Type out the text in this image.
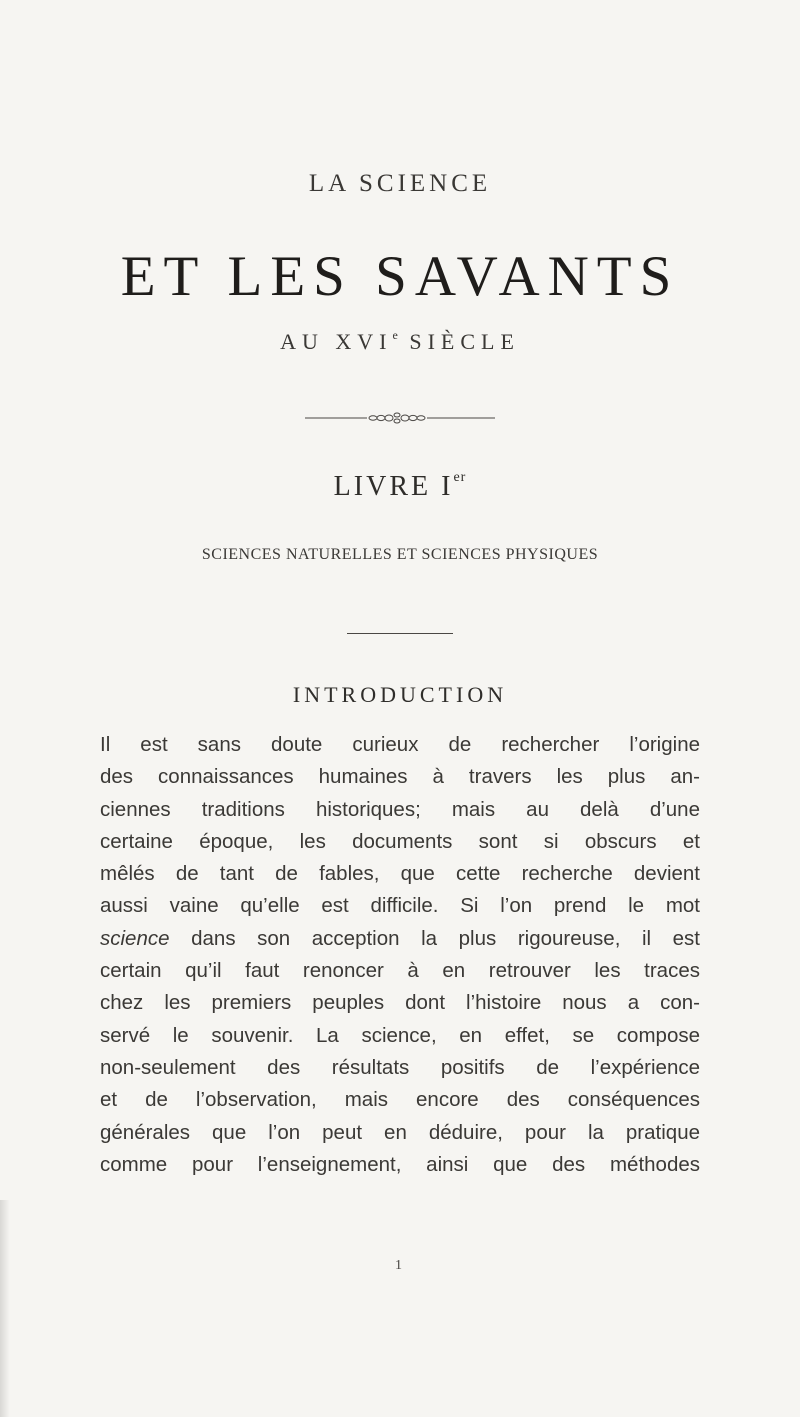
LA SCIENCE
ET LES SAVANTS
AU XVIe SIÈCLE
LIVRE Ier
SCIENCES NATURELLES ET SCIENCES PHYSIQUES
INTRODUCTION
Il est sans doute curieux de rechercher l’origine
des connaissances humaines à travers les plus an-
ciennes traditions historiques; mais au delà d’une
certaine époque, les documents sont si obscurs et
mêlés de tant de fables, que cette recherche devient
aussi vaine qu’elle est difficile. Si l’on prend le mot
science dans son acception la plus rigoureuse, il est
certain qu’il faut renoncer à en retrouver les traces
chez les premiers peuples dont l’histoire nous a con-
servé le souvenir. La science, en effet, se compose
non-seulement des résultats positifs de l’expérience
et de l’observation, mais encore des conséquences
générales que l’on peut en déduire, pour la pratique
comme pour l’enseignement, ainsi que des méthodes
1
